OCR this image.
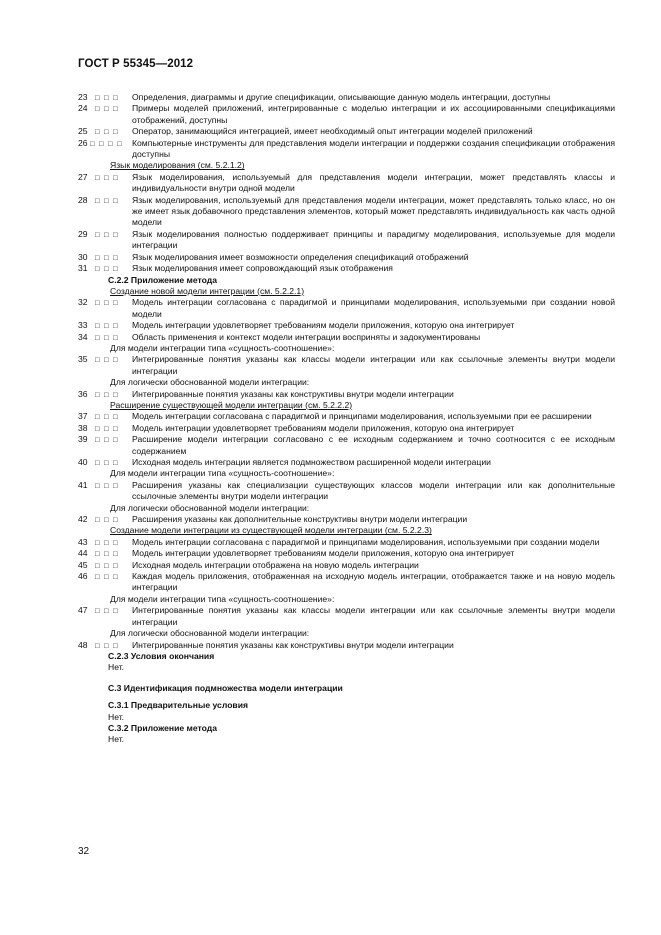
ГОСТ Р 55345—2012
23 □ □ □ Определения, диаграммы и другие спецификации, описывающие данную модель интеграции, доступны
24 □ □ □ Примеры моделей приложений, интегрированные с моделью интеграции и их ассоциированными спецификациями отображений, доступны
25 □ □ □ Оператор, занимающийся интеграцией, имеет необходимый опыт интеграции моделей приложений
26 □ □ □ □ Компьютерные инструменты для представления модели интеграции и поддержки создания спецификации отображения доступны
Язык моделирования (см. 5.2.1.2)
27 □ □ □ Язык моделирования, используемый для представления модели интеграции, может представлять классы и индивидуальности внутри одной модели
28 □ □ □ Язык моделирования, используемый для представления модели интеграции, может представлять только класс, но он же имеет язык добавочного представления элементов, который может представлять индивидуальность как часть одной модели
29 □ □ □ Язык моделирования полностью поддерживает принципы и парадигму моделирования, используемые для модели интеграции
30 □ □ □ Язык моделирования имеет возможности определения спецификаций отображений
31 □ □ □ Язык моделирования имеет сопровождающий язык отображения
С.2.2 Приложение метода
Создание новой модели интеграции (см. 5.2.2.1)
32 □ □ □ Модель интеграции согласована с парадигмой и принципами моделирования, используемыми при создании новой модели
33 □ □ □ Модель интеграции удовлетворяет требованиям модели приложения, которую она интегрирует
34 □ □ □ Область применения и контекст модели интеграции восприняты и задокументированы
Для модели интеграции типа «сущность-соотношение»:
35 □ □ □ Интегрированные понятия указаны как классы модели интеграции или как ссылочные элементы внутри модели интеграции
Для логически обоснованной модели интеграции:
36 □ □ □ Интегрированные понятия указаны как конструктивы внутри модели интеграции
Расширение существующей модели интеграции (см. 5.2.2.2)
37 □ □ □ Модель интеграции согласована с парадигмой и принципами моделирования, используемыми при ее расширении
38 □ □ □ Модель интеграции удовлетворяет требованиям модели приложения, которую она интегрирует
39 □ □ □ Расширение модели интеграции согласовано с ее исходным содержанием и точно соотносится с ее исходным содержанием
40 □ □ □ Исходная модель интеграции является подмножеством расширенной модели интеграции
Для модели интеграции типа «сущность-соотношение»:
41 □ □ □ Расширения указаны как специализации существующих классов модели интеграции или как дополнительные ссылочные элементы внутри модели интеграции
Для логически обоснованной модели интеграции:
42 □ □ □ Расширения указаны как дополнительные конструктивы внутри модели интеграции
Создание модели интеграции из существующей модели интеграции (см. 5.2.2.3)
43 □ □ □ Модель интеграции согласована с парадигмой и принципами моделирования, используемыми при создании модели
44 □ □ □ Модель интеграции удовлетворяет требованиям модели приложения, которую она интегрирует
45 □ □ □ Исходная модель интеграции отображена на новую модель интеграции
46 □ □ □ Каждая модель приложения, отображенная на исходную модель интеграции, отображается также и на новую модель интеграции
Для модели интеграции типа «сущность-соотношение»:
47 □ □ □ Интегрированные понятия указаны как классы модели интеграции или как ссылочные элементы внутри модели интеграции
Для логически обоснованной модели интеграции:
48 □ □ □ Интегрированные понятия указаны как конструктивы внутри модели интеграции
С.2.3 Условия окончания
Нет.
С.3 Идентификация подмножества модели интеграции
С.3.1 Предварительные условия
Нет.
С.3.2 Приложение метода
Нет.
32
